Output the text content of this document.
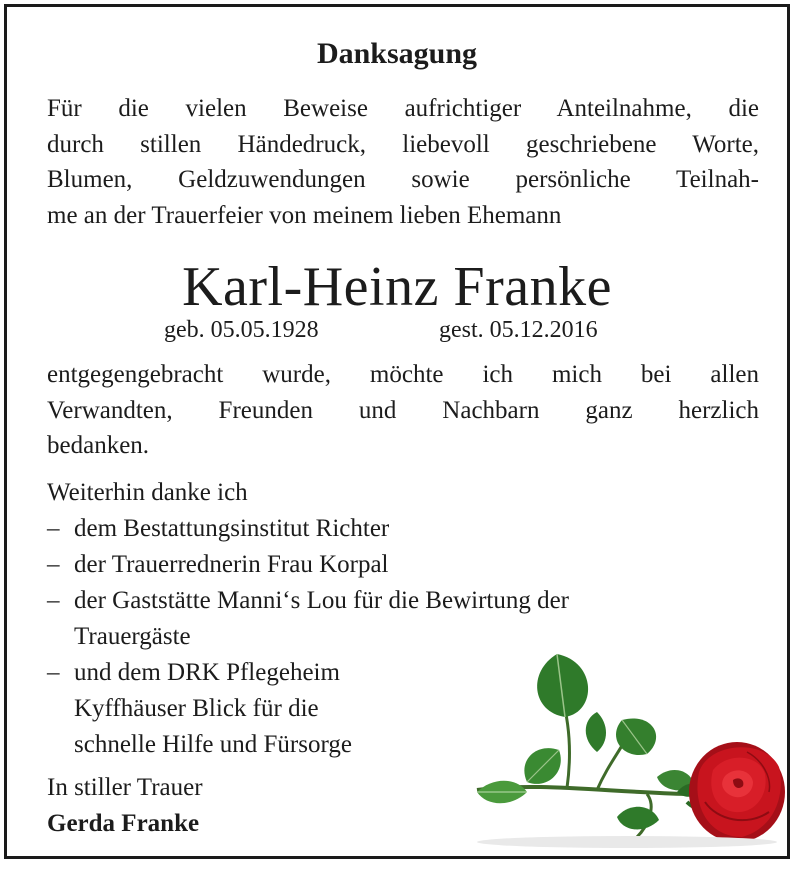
Danksagung
Für die vielen Beweise aufrichtiger Anteilnahme, die
durch stillen Händedruck, liebevoll geschriebene Worte,
Blumen, Geldzuwendungen sowie persönliche Teilnah-
me an der Trauerfeier von meinem lieben Ehemann
Karl-Heinz Franke
geb. 05.05.1928	gest. 05.12.2016
entgegengebracht wurde, möchte ich mich bei allen
Verwandten, Freunden und Nachbarn ganz herzlich
bedanken.
Weiterhin danke ich
– dem Bestattungsinstitut Richter
– der Trauerrednerin Frau Korpal
– der Gaststätte Manni‘s Lou für die Bewirtung der
Trauergäste
– und dem DRK Pflegeheim
Kyffhäuser Blick für die
schnelle Hilfe und Fürsorge
In stiller Trauer
Gerda Franke
